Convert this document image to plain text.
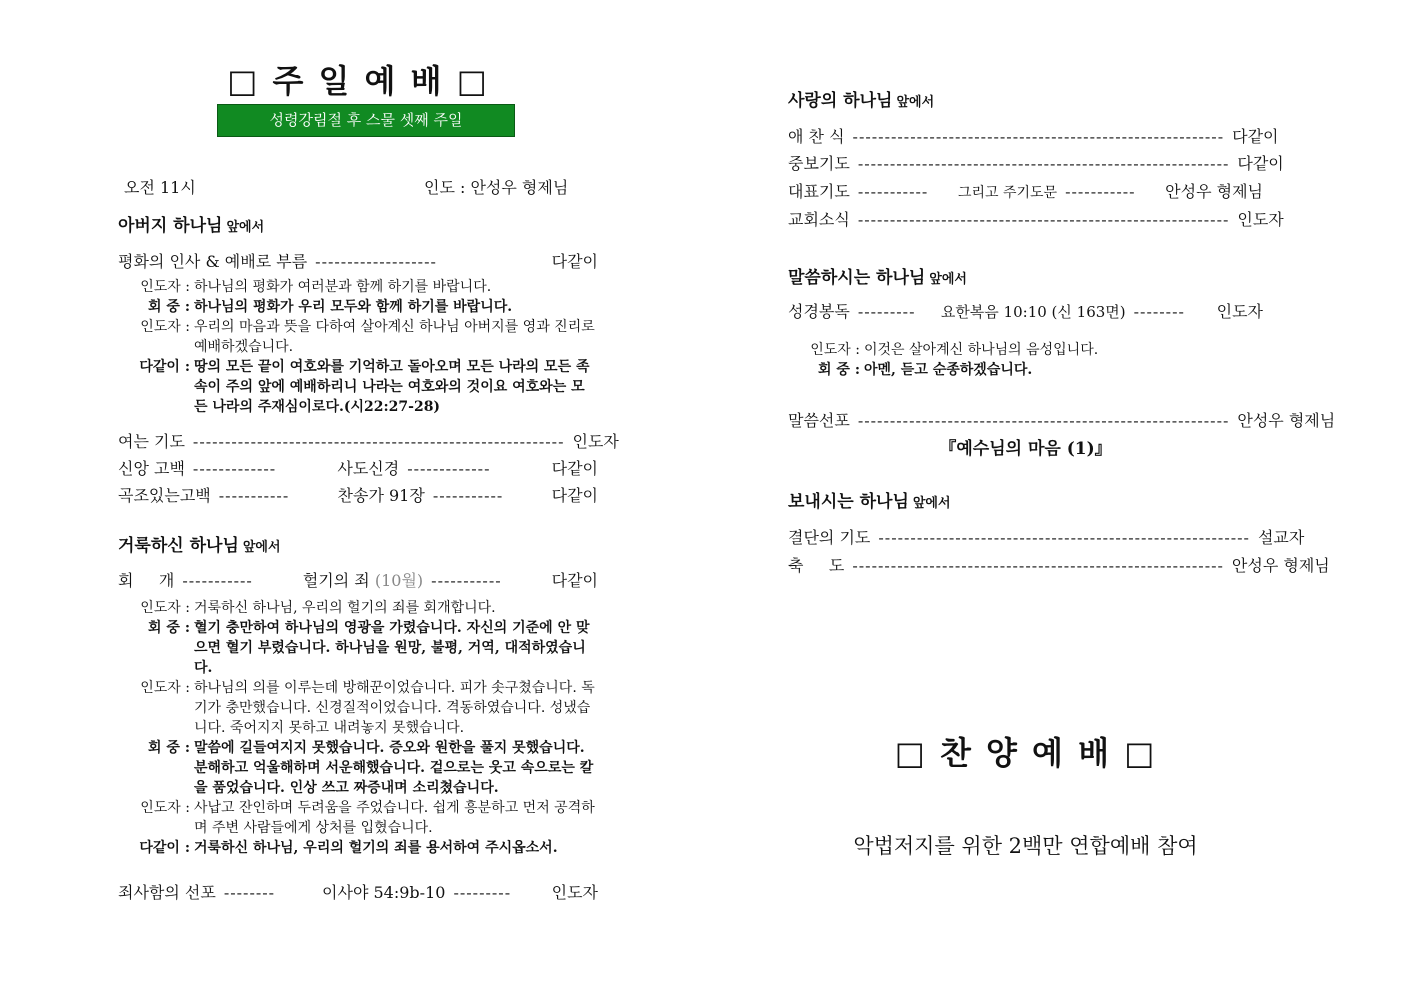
□ 주 일 예 배 □
성령강림절 후 스물 셋째 주일
오전 11시	인도 : 안성우 형제님
아버지 하나님 앞에서
평화의 인사 & 예배로 부름 -------------------	다같이
인도자 : 하나님의 평화가 여러분과 함께 하기를 바랍니다.
회 중 : 하나님의 평화가 우리 모두와 함께 하기를 바랍니다.
인도자 : 우리의 마음과 뜻을 다하여 살아계신 하나님 아버지를 영과 진리로 예배하겠습니다.
다같이 : 땅의 모든 끝이 여호와를 기억하고 돌아오며 모든 나라의 모든 족속이 주의 앞에 예배하리니 나라는 여호와의 것이요 여호와는 모든 나라의 주재심이로다.(시22:27-28)
여는 기도 ---------------------------------------------------------- 인도자
신앙 고백 -------------	사도신경 -------------	다같이
곡조있는고백 -----------	찬송가 91장 -----------	다같이
거룩하신 하나님 앞에서
회     개 -----------	헐기의 죄 (10월) -----------	다같이
인도자 : 거룩하신 하나님, 우리의 헐기의 죄를 회개합니다.
회 중 : 혈기 충만하여 하나님의 영광을 가렸습니다. 자신의 기준에 안 맞으면 혈기 부렸습니다. 하나님을 원망, 불평, 거역, 대적하였습니다.
인도자 : 하나님의 의를 이루는데 방해꾼이었습니다. 피가 솟구쳤습니다. 독기가 충만했습니다. 신경질적이었습니다. 격동하였습니다. 성냈습니다. 죽어지지 못하고 내려놓지 못했습니다.
회 중 : 말씀에 길들여지지 못했습니다. 증오와 원한을 풀지 못했습니다. 분해하고 억울해하며 서운해했습니다. 겉으로는 웃고 속으로는 칼을 품었습니다. 인상 쓰고 짜증내며 소리쳤습니다.
인도자 : 사납고 잔인하며 두려움을 주었습니다. 쉽게 흥분하고 먼저 공격하며 주변 사람들에게 상처를 입혔습니다.
다같이 : 거룩하신 하나님, 우리의 헐기의 죄를 용서하여 주시옵소서.
죄사함의 선포 --------	이사야 54:9b-10 ---------	인도자
사랑의 하나님 앞에서
애 찬 식 ---------------------------------------------------------- 다같이
중보기도 ---------------------------------------------------------- 다같이
대표기도 -----------	그리고 주기도문 -----------	안성우 형제님
교회소식 ---------------------------------------------------------- 인도자
말씀하시는 하나님 앞에서
성경봉독 ---------	요한복음 10:10 (신 163면) --------	인도자
인도자 : 이것은 살아계신 하나님의 음성입니다.
회 중 : 아멘, 듣고 순종하겠습니다.
말씀선포 ---------------------------------------------------------- 안성우 형제님
『예수님의 마음 (1)』
보내시는 하나님 앞에서
결단의 기도 ---------------------------------------------------------- 설교자
축     도 ---------------------------------------------------------- 안성우 형제님
□ 찬 양 예 배 □
악법저지를 위한 2백만 연합예배 참여
